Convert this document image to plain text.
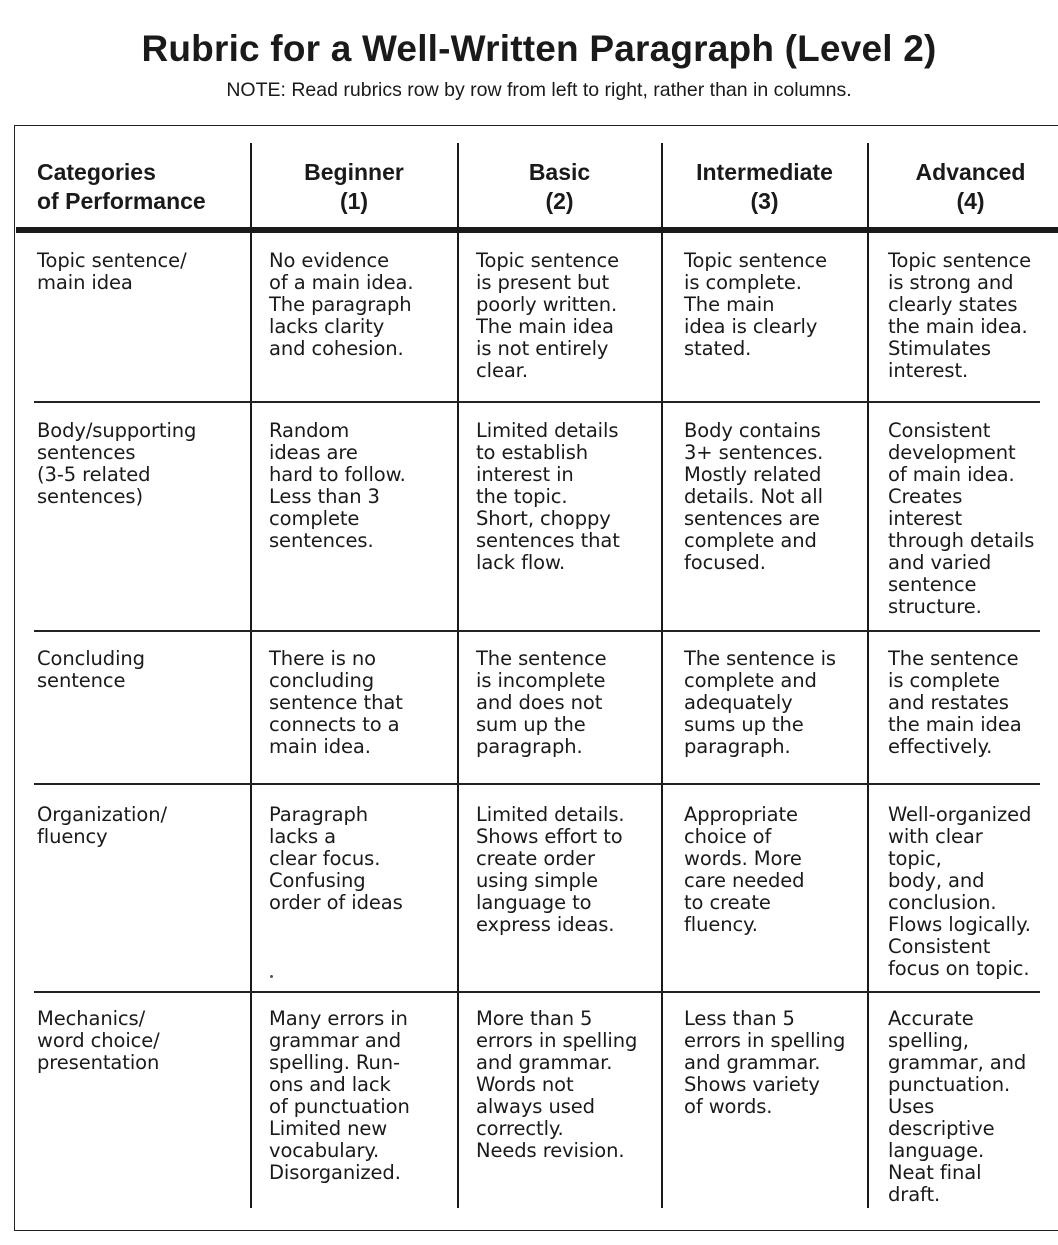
Rubric for a Well-Written Paragraph (Level 2)
NOTE: Read rubrics row by row from left to right, rather than in columns.
Categories
of Performance
Beginner
(1)
Basic
(2)
Intermediate
(3)
Advanced
(4)
Topic sentence/
main idea
No evidence
of a main idea.
The paragraph
lacks clarity
and cohesion.
Topic sentence
is present but
poorly written.
The main idea
is not entirely
clear.
Topic sentence
is complete.
The main
idea is clearly
stated.
Topic sentence
is strong and
clearly states
the main idea.
Stimulates
interest.
Body/supporting
sentences
(3-5 related
sentences)
Random
ideas are
hard to follow.
Less than 3
complete
sentences.
Limited details
to establish
interest in
the topic.
Short, choppy
sentences that
lack flow.
Body contains
3+ sentences.
Mostly related
details. Not all
sentences are
complete and
focused.
Consistent
development
of main idea.
Creates
interest
through details
and varied
sentence
structure.
Concluding
sentence
There is no
concluding
sentence that
connects to a
main idea.
The sentence
is incomplete
and does not
sum up the
paragraph.
The sentence is
complete and
adequately
sums up the
paragraph.
The sentence
is complete
and restates
the main idea
effectively.
Organization/
fluency
Paragraph
lacks a
clear focus.
Confusing
order of ideas
Limited details.
Shows effort to
create order
using simple
language to
express ideas.
Appropriate
choice of
words. More
care needed
to create
fluency.
Well-organized
with clear
topic,
body, and
conclusion.
Flows logically.
Consistent
focus on topic.
Mechanics/
word choice/
presentation
Many errors in
grammar and
spelling. Run-
ons and lack
of punctuation
Limited new
vocabulary.
Disorganized.
More than 5
errors in spelling
and grammar.
Words not
always used
correctly.
Needs revision.
Less than 5
errors in spelling
and grammar.
Shows variety
of words.
Accurate
spelling,
grammar, and
punctuation.
Uses
descriptive
language.
Neat final
draft.
